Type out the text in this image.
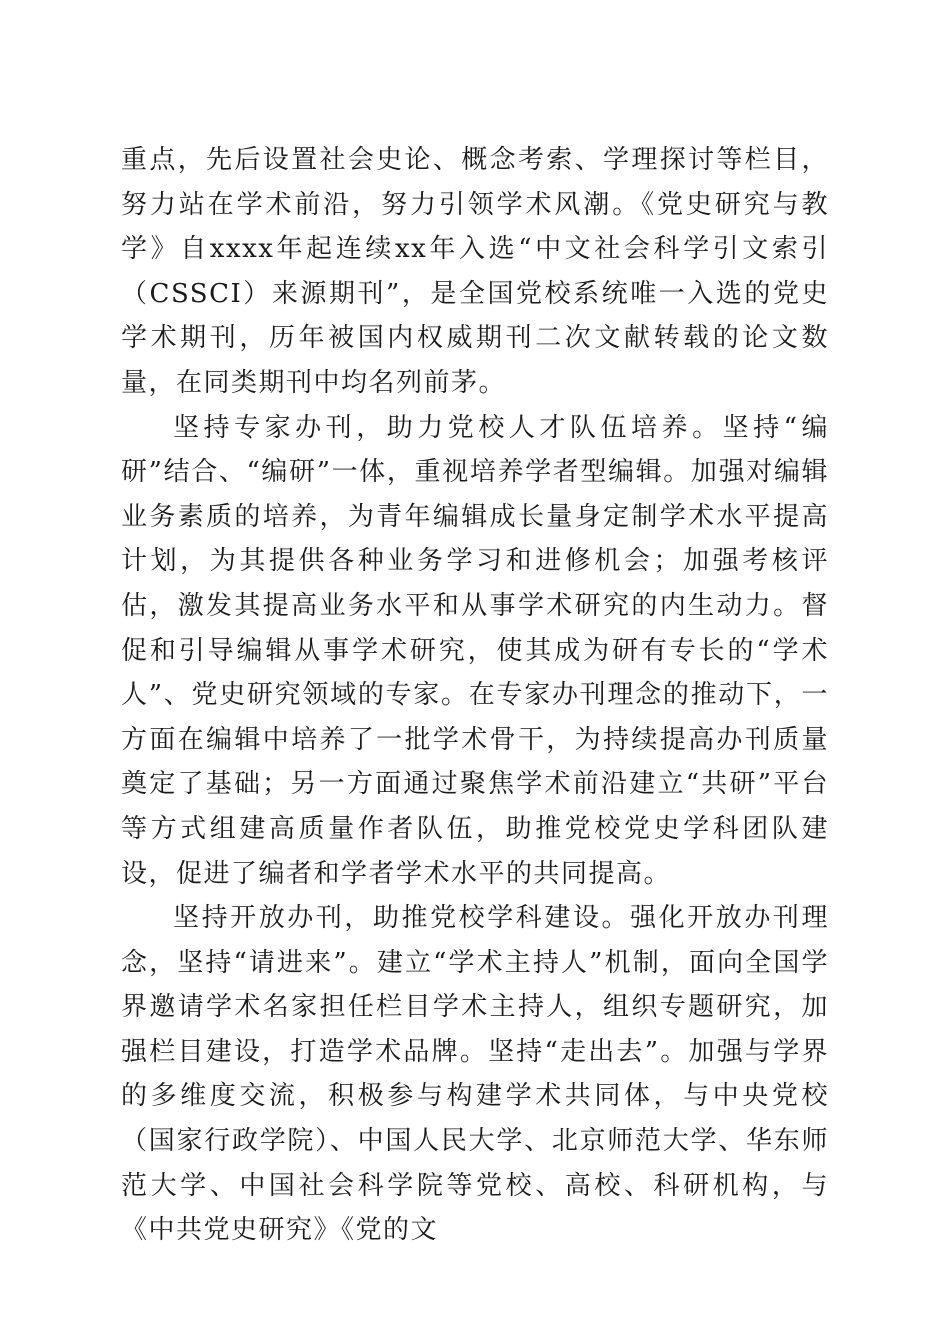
重点，先后设置社会史论、概念考索、学理探讨等栏目，努力站在学术前沿，努力引领学术风潮。《党史研究与教学》自xxxx年起连续xx年入选“中文社会科学引文索引（CSSCI）来源期刊”，是全国党校系统唯一入选的党史学术期刊，历年被国内权威期刊二次文献转载的论文数量，在同类期刊中均名列前茅。

坚持专家办刊，助力党校人才队伍培养。坚持“编研”结合、“编研”一体，重视培养学者型编辑。加强对编辑业务素质的培养，为青年编辑成长量身定制学术水平提高计划，为其提供各种业务学习和进修机会；加强考核评估，激发其提高业务水平和从事学术研究的内生动力。督促和引导编辑从事学术研究，使其成为研有专长的“学术人”、党史研究领域的专家。在专家办刊理念的推动下，一方面在编辑中培养了一批学术骨干，为持续提高办刊质量奠定了基础；另一方面通过聚焦学术前沿建立“共研”平台等方式组建高质量作者队伍，助推党校党史学科团队建设，促进了编者和学者学术水平的共同提高。

坚持开放办刊，助推党校学科建设。强化开放办刊理念，坚持“请进来”。建立“学术主持人”机制，面向全国学界邀请学术名家担任栏目学术主持人，组织专题研究，加强栏目建设，打造学术品牌。坚持“走出去”。加强与学界的多维度交流，积极参与构建学术共同体，与中央党校（国家行政学院）、中国人民大学、北京师范大学、华东师范大学、中国社会科学院等党校、高校、科研机构，与《中共党史研究》《党的文
